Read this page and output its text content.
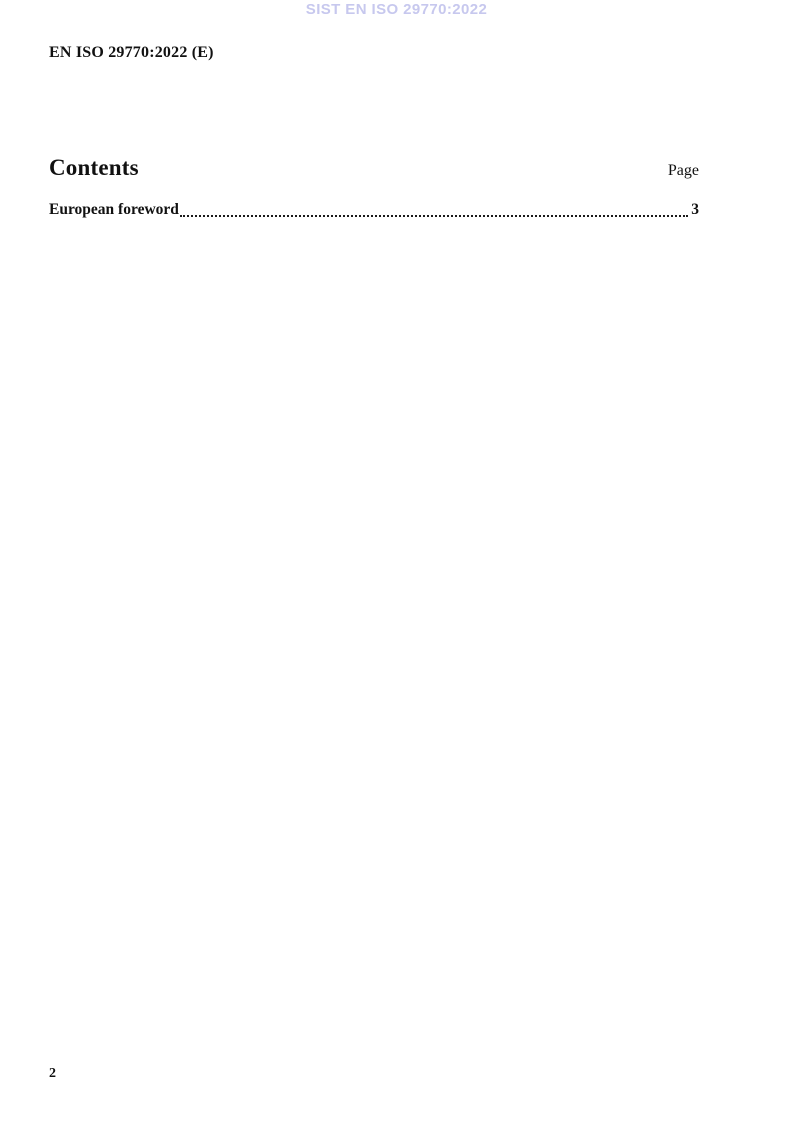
SIST EN ISO 29770:2022
EN ISO 29770:2022 (E)
Contents	Page
European foreword	3
2
